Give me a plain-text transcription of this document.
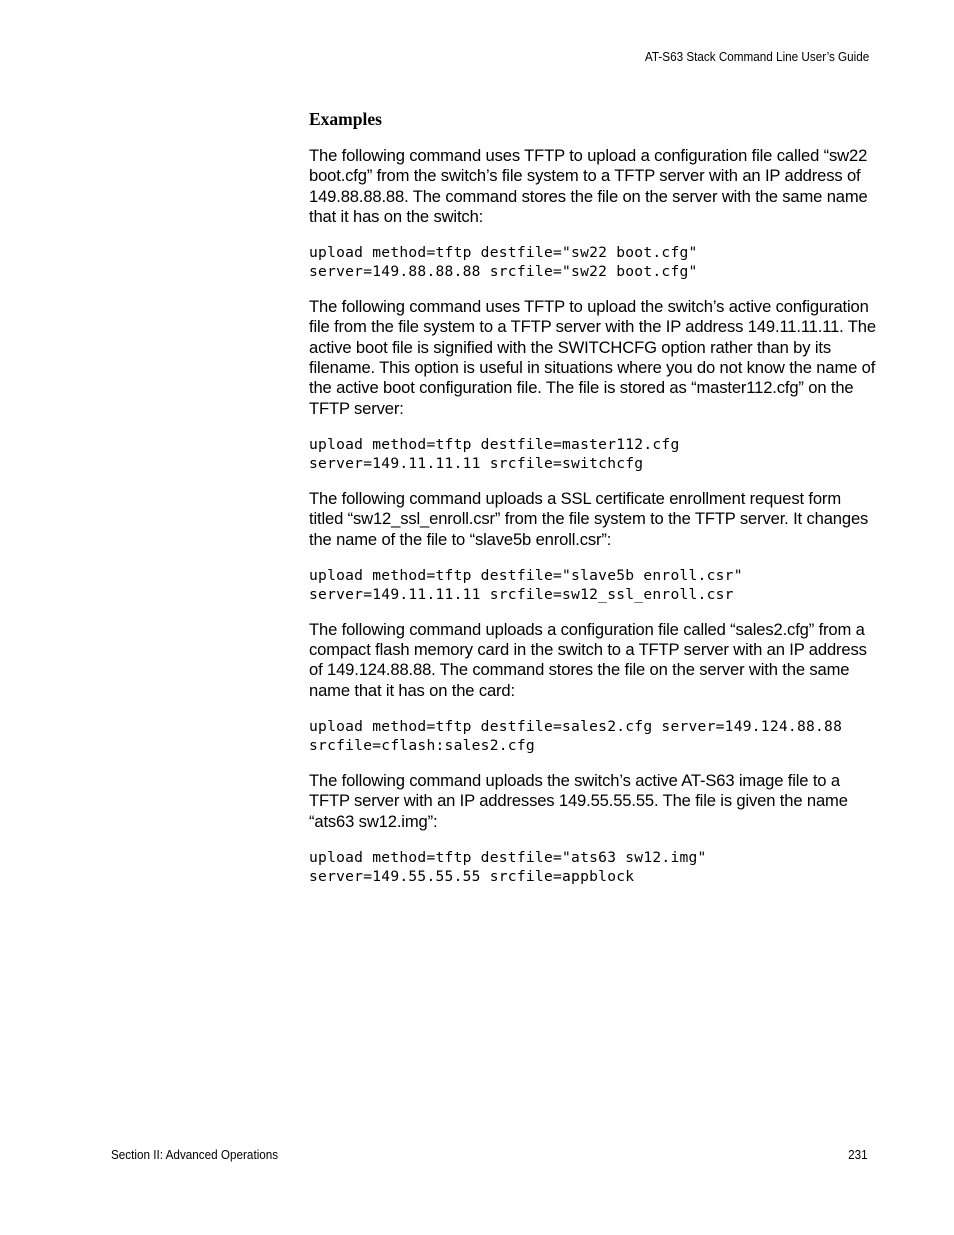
AT-S63 Stack Command Line User’s Guide
Examples

The following command uses TFTP to upload a configuration file called “sw22 boot.cfg” from the switch’s file system to a TFTP server with an IP address of 149.88.88.88. The command stores the file on the server with the same name that it has on the switch:

upload method=tftp destfile="sw22 boot.cfg"
server=149.88.88.88 srcfile="sw22 boot.cfg"

The following command uses TFTP to upload the switch’s active configuration file from the file system to a TFTP server with the IP address 149.11.11.11. The active boot file is signified with the SWITCHCFG option rather than by its filename. This option is useful in situations where you do not know the name of the active boot configuration file. The file is stored as “master112.cfg” on the TFTP server:

upload method=tftp destfile=master112.cfg
server=149.11.11.11 srcfile=switchcfg

The following command uploads a SSL certificate enrollment request form titled “sw12_ssl_enroll.csr” from the file system to the TFTP server. It changes the name of the file to “slave5b enroll.csr”:

upload method=tftp destfile="slave5b enroll.csr"
server=149.11.11.11 srcfile=sw12_ssl_enroll.csr

The following command uploads a configuration file called “sales2.cfg” from a compact flash memory card in the switch to a TFTP server with an IP address of 149.124.88.88. The command stores the file on the server with the same name that it has on the card:

upload method=tftp destfile=sales2.cfg server=149.124.88.88
srcfile=cflash:sales2.cfg

The following command uploads the switch’s active AT-S63 image file to a TFTP server with an IP addresses 149.55.55.55. The file is given the name “ats63 sw12.img”:

upload method=tftp destfile="ats63 sw12.img"
server=149.55.55.55 srcfile=appblock
Section II: Advanced Operations	231
